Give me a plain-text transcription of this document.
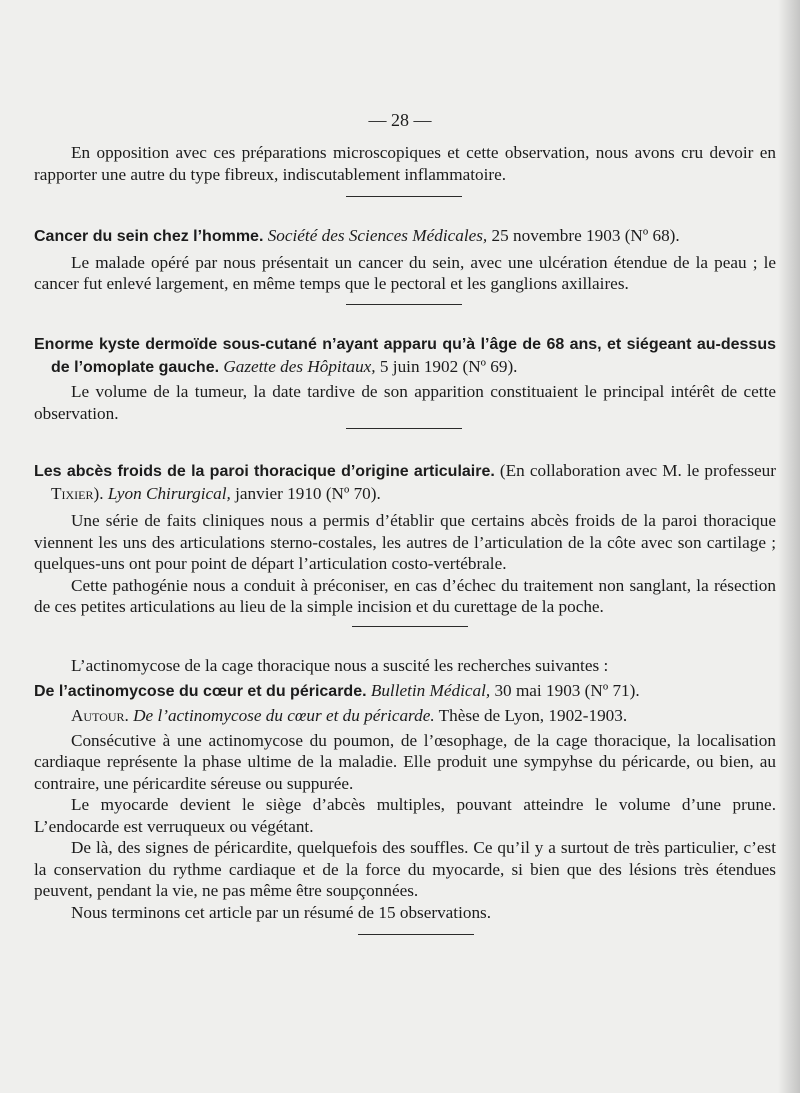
— 28 —

En opposition avec ces préparations microscopiques et cette observation, nous avons cru devoir en rapporter une autre du type fibreux, indiscutablement inflammatoire.

Cancer du sein chez l’homme. Société des Sciences Médicales, 25 novembre 1903 (Nº 68).

Le malade opéré par nous présentait un cancer du sein, avec une ulcération étendue de la peau ; le cancer fut enlevé largement, en même temps que le pectoral et les ganglions axillaires.

Enorme kyste dermoïde sous-cutané n’ayant apparu qu’à l’âge de 68 ans, et siégeant au-dessus de l’omoplate gauche. Gazette des Hôpitaux, 5 juin 1902 (Nº 69).

Le volume de la tumeur, la date tardive de son apparition constituaient le principal intérêt de cette observation.

Les abcès froids de la paroi thoracique d’origine articulaire. (En collaboration avec M. le professeur Tixier). Lyon Chirurgical, janvier 1910 (Nº 70).

Une série de faits cliniques nous a permis d’établir que certains abcès froids de la paroi thoracique viennent les uns des articulations sterno-costales, les autres de l’articulation de la côte avec son cartilage ; quelques-uns ont pour point de départ l’articulation costo-vertébrale.

Cette pathogénie nous a conduit à préconiser, en cas d’échec du traitement non sanglant, la résection de ces petites articulations au lieu de la simple incision et du curettage de la poche.

L’actinomycose de la cage thoracique nous a suscité les recherches suivantes :

De l’actinomycose du cœur et du péricarde. Bulletin Médical, 30 mai 1903 (Nº 71).

Autour. De l’actinomycose du cœur et du péricarde. Thèse de Lyon, 1902-1903.

Consécutive à une actinomycose du poumon, de l’œsophage, de la cage thoracique, la localisation cardiaque représente la phase ultime de la maladie. Elle produit une sympyhse du péricarde, ou bien, au contraire, une péricardite séreuse ou suppurée.

Le myocarde devient le siège d’abcès multiples, pouvant atteindre le volume d’une prune. L’endocarde est verruqueux ou végétant.

De là, des signes de péricardite, quelquefois des souffles. Ce qu’il y a surtout de très particulier, c’est la conservation du rythme cardiaque et de la force du myocarde, si bien que des lésions très étendues peuvent, pendant la vie, ne pas même être soupçonnées.

Nous terminons cet article par un résumé de 15 observations.
